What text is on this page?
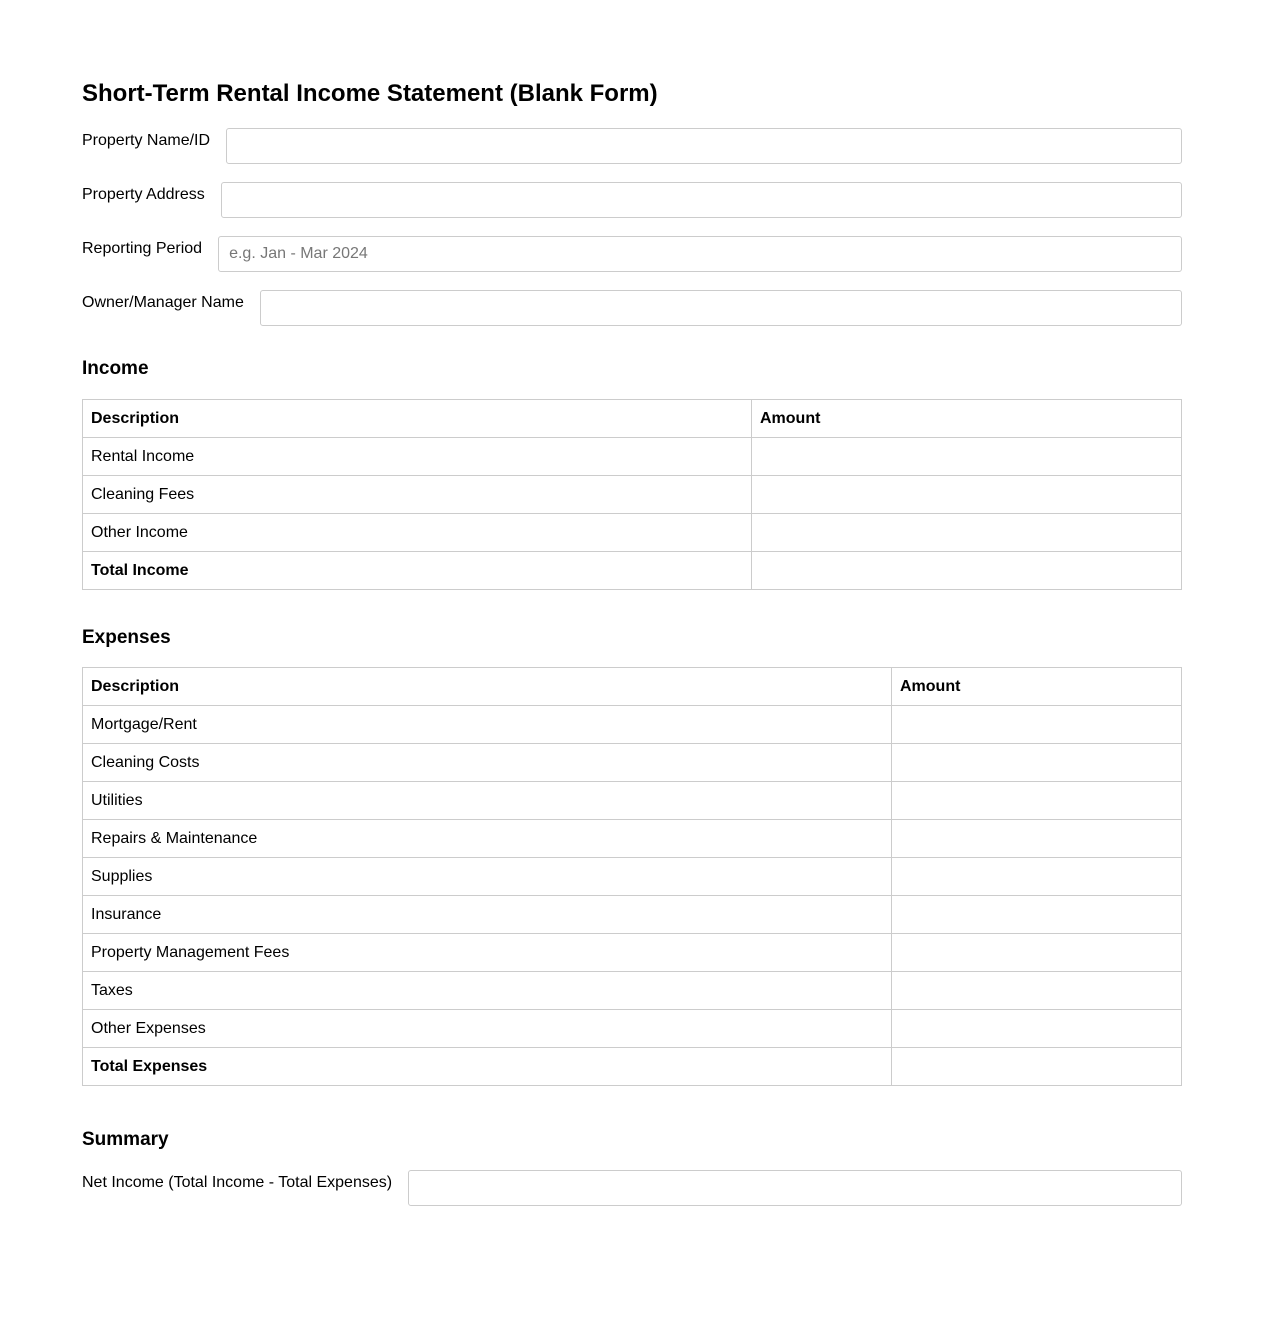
Short-Term Rental Income Statement (Blank Form)
Property Name/ID
Property Address
Reporting Period
e.g. Jan - Mar 2024
Owner/Manager Name
Income
Description	Amount
Rental Income	
Cleaning Fees	
Other Income	
Total Income	
Expenses
Description	Amount
Mortgage/Rent	
Cleaning Costs	
Utilities	
Repairs & Maintenance	
Supplies	
Insurance	
Property Management Fees	
Taxes	
Other Expenses	
Total Expenses	
Summary
Net Income (Total Income - Total Expenses)
